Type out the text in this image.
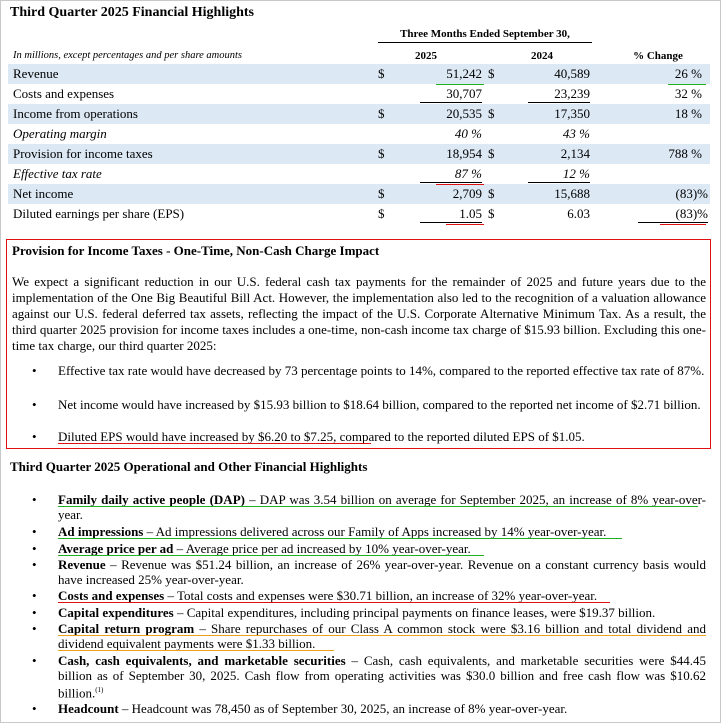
Third Quarter 2025 Financial Highlights
Three Months Ended September 30,
In millions, except percentages and per share amounts	2025	2024	% Change
Revenue	$	51,242 $	40,589	26 %
Costs and expenses	30,707	23,239	32 %
Income from operations	$	20,535 $	17,350	18 %
Operating margin	40 %	43 %
Provision for income taxes	$	18,954 $	2,134	788 %
Effective tax rate	87 %	12 %
Net income	$	2,709 $	15,688	(83)%
Diluted earnings per share (EPS)	$	1.05 $	6.03	(83)%
Provision for Income Taxes - One-Time, Non-Cash Charge Impact
We expect a significant reduction in our U.S. federal cash tax payments for the remainder of 2025 and future years due to the implementation of the One Big Beautiful Bill Act. However, the implementation also led to the recognition of a valuation allowance against our U.S. federal deferred tax assets, reflecting the impact of the U.S. Corporate Alternative Minimum Tax. As a result, the third quarter 2025 provision for income taxes includes a one-time, non-cash income tax charge of $15.93 billion. Excluding this one-time tax charge, our third quarter 2025:
• Effective tax rate would have decreased by 73 percentage points to 14%, compared to the reported effective tax rate of 87%.
• Net income would have increased by $15.93 billion to $18.64 billion, compared to the reported net income of $2.71 billion.
• Diluted EPS would have increased by $6.20 to $7.25, compared to the reported diluted EPS of $1.05.
Third Quarter 2025 Operational and Other Financial Highlights
• Family daily active people (DAP) – DAP was 3.54 billion on average for September 2025, an increase of 8% year-over-year.
• Ad impressions – Ad impressions delivered across our Family of Apps increased by 14% year-over-year.
• Average price per ad – Average price per ad increased by 10% year-over-year.
• Revenue – Revenue was $51.24 billion, an increase of 26% year-over-year. Revenue on a constant currency basis would have increased 25% year-over-year.
• Costs and expenses – Total costs and expenses were $30.71 billion, an increase of 32% year-over-year.
• Capital expenditures – Capital expenditures, including principal payments on finance leases, were $19.37 billion.
• Capital return program – Share repurchases of our Class A common stock were $3.16 billion and total dividend and dividend equivalent payments were $1.33 billion.
• Cash, cash equivalents, and marketable securities – Cash, cash equivalents, and marketable securities were $44.45 billion as of September 30, 2025. Cash flow from operating activities was $30.0 billion and free cash flow was $10.62 billion.$^{(1)}$
• Headcount – Headcount was 78,450 as of September 30, 2025, an increase of 8% year-over-year.
